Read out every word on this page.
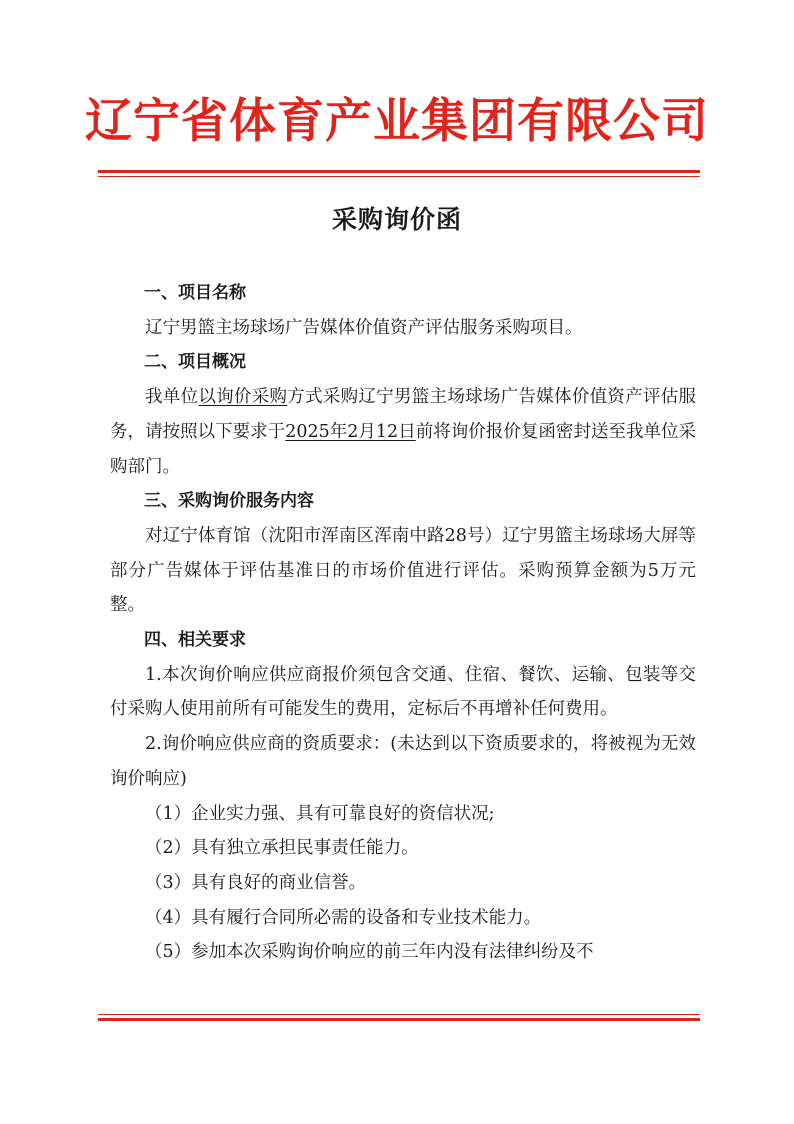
辽宁省体育产业集团有限公司
采购询价函

一、项目名称

辽宁男篮主场球场广告媒体价值资产评估服务采购项目。

二、项目概况

我单位以询价采购方式采购辽宁男篮主场球场广告媒体价值资产评估服务，请按照以下要求于2025年2月12日前将询价报价复函密封送至我单位采购部门。

三、采购询价服务内容

对辽宁体育馆（沈阳市浑南区浑南中路28号）辽宁男篮主场球场大屏等部分广告媒体于评估基准日的市场价值进行评估。采购预算金额为5万元整。

四、相关要求

1.本次询价响应供应商报价须包含交通、住宿、餐饮、运输、包装等交付采购人使用前所有可能发生的费用，定标后不再增补任何费用。

2.询价响应供应商的资质要求：(未达到以下资质要求的，将被视为无效询价响应)

（1）企业实力强、具有可靠良好的资信状况;

（2）具有独立承担民事责任能力。

（3）具有良好的商业信誉。

（4）具有履行合同所必需的设备和专业技术能力。

（5）参加本次采购询价响应的前三年内没有法律纠纷及不
